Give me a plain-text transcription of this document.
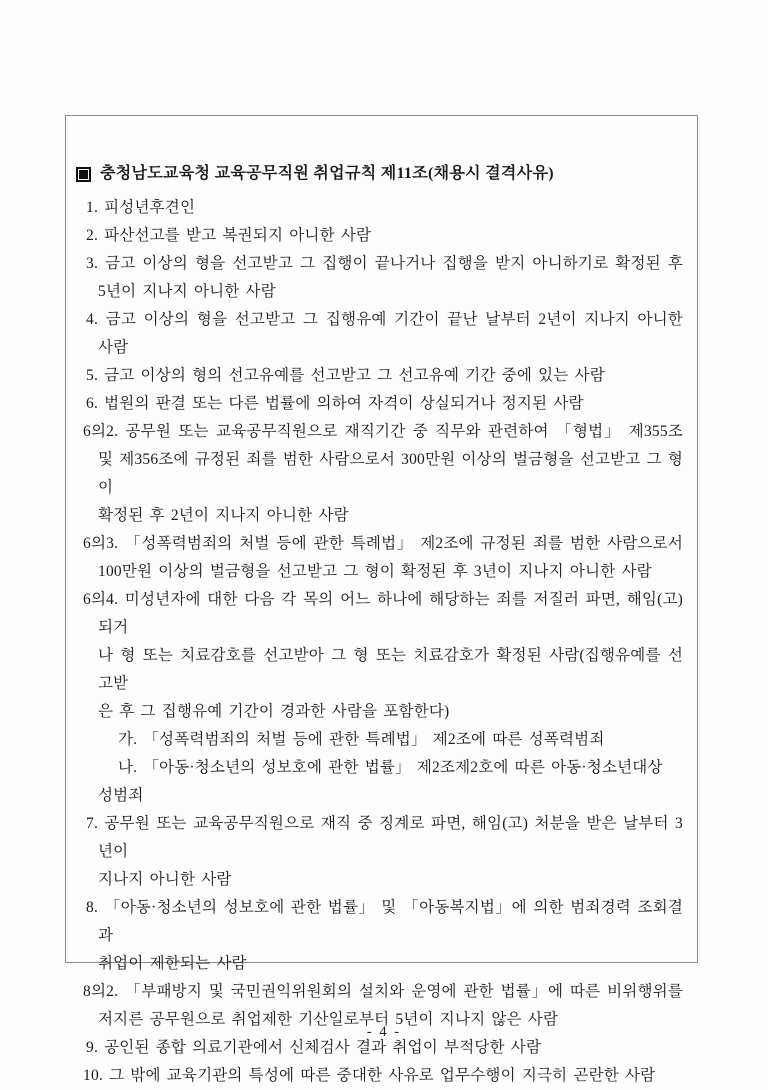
충청남도교육청 교육공무직원 취업규칙 제11조(채용시 결격사유)
1. 피성년후견인
2. 파산선고를 받고 복권되지 아니한 사람
3. 금고 이상의 형을 선고받고 그 집행이 끝나거나 집행을 받지 아니하기로 확정된 후
5년이 지나지 아니한 사람
4. 금고 이상의 형을 선고받고 그 집행유예 기간이 끝난 날부터 2년이 지나지 아니한
사람
5. 금고 이상의 형의 선고유예를 선고받고 그 선고유예 기간 중에 있는 사람
6. 법원의 판결 또는 다른 법률에 의하여 자격이 상실되거나 정지된 사람
6의2. 공무원 또는 교육공무직원으로 재직기간 중 직무와 관련하여 「형법」 제355조
및 제356조에 규정된 죄를 범한 사람으로서 300만원 이상의 벌금형을 선고받고 그 형이
확정된 후 2년이 지나지 아니한 사람
6의3. 「성폭력범죄의 처벌 등에 관한 특례법」 제2조에 규정된 죄를 범한 사람으로서
100만원 이상의 벌금형을 선고받고 그 형이 확정된 후 3년이 지나지 아니한 사람
6의4. 미성년자에 대한 다음 각 목의 어느 하나에 해당하는 죄를 저질러 파면, 해임(고)되거
나 형 또는 치료감호를 선고받아 그 형 또는 치료감호가 확정된 사람(집행유예를 선고받
은 후 그 집행유예 기간이 경과한 사람을 포함한다)
가. 「성폭력범죄의 처벌 등에 관한 특례법」 제2조에 따른 성폭력범죄
나. 「아동·청소년의 성보호에 관한 법률」 제2조제2호에 따른 아동·청소년대상 성범죄
7. 공무원 또는 교육공무직원으로 재직 중 징계로 파면, 해임(고) 처분을 받은 날부터 3년이
지나지 아니한 사람
8. 「아동·청소년의 성보호에 관한 법률」 및 「아동복지법」에 의한 범죄경력 조회결과
취업이 제한되는 사람
8의2. 「부패방지 및 국민권익위원회의 설치와 운영에 관한 법률」에 따른 비위행위를
저지른 공무원으로 취업제한 기산일로부터 5년이 지나지 않은 사람
9. 공인된 종합 의료기관에서 신체검사 결과 취업이 부적당한 사람
10. 그 밖에 교육기관의 특성에 따른 중대한 사유로 업무수행이 지극히 곤란한 사람
- 4 -
